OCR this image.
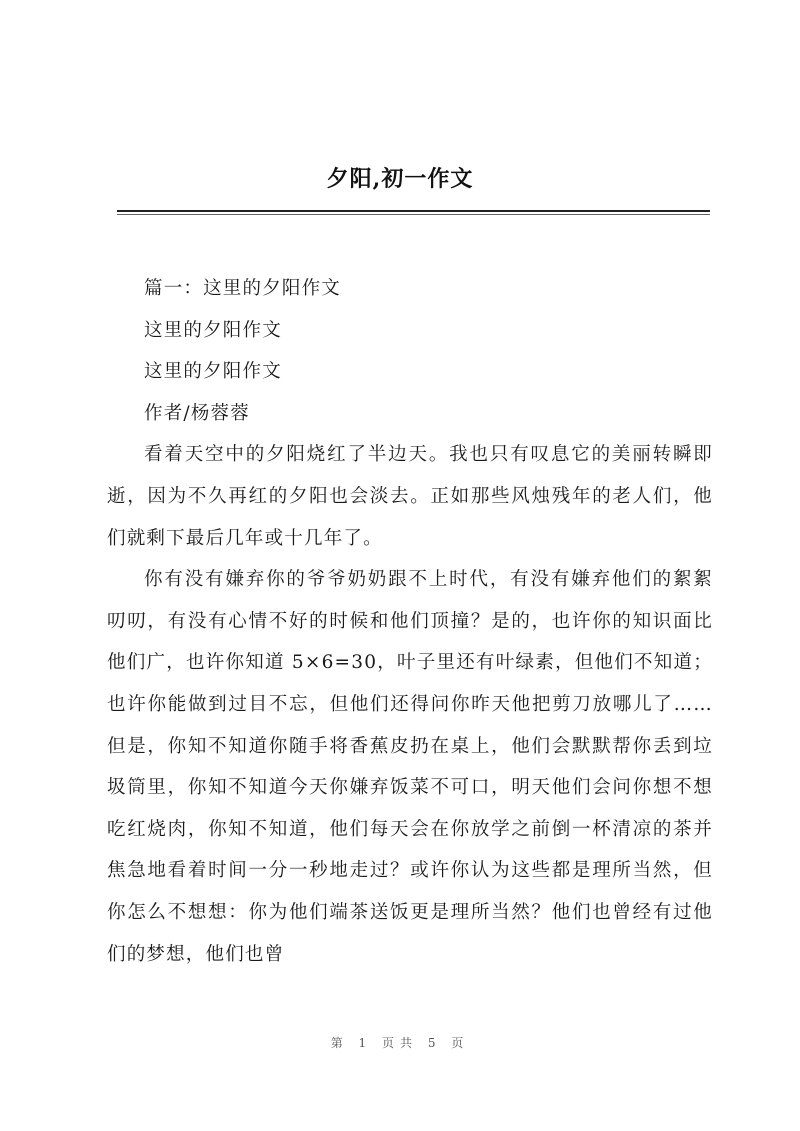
夕阳,初一作文

篇一：这里的夕阳作文

这里的夕阳作文

这里的夕阳作文

作者/杨蓉蓉

看着天空中的夕阳烧红了半边天。我也只有叹息它的美丽转瞬即逝，因为不久再红的夕阳也会淡去。正如那些风烛残年的老人们，他们就剩下最后几年或十几年了。

你有没有嫌弃你的爷爷奶奶跟不上时代，有没有嫌弃他们的絮絮叨叨，有没有心情不好的时候和他们顶撞？是的，也许你的知识面比他们广，也许你知道 5×6=30，叶子里还有叶绿素，但他们不知道；也许你能做到过目不忘，但他们还得问你昨天他把剪刀放哪儿了……但是，你知不知道你随手将香蕉皮扔在桌上，他们会默默帮你丢到垃圾筒里，你知不知道今天你嫌弃饭菜不可口，明天他们会问你想不想吃红烧肉，你知不知道，他们每天会在你放学之前倒一杯清凉的茶并焦急地看着时间一分一秒地走过？或许你认为这些都是理所当然，但你怎么不想想：你为他们端茶送饭更是理所当然？他们也曾经有过他们的梦想，他们也曾

第 1 页共 5 页
